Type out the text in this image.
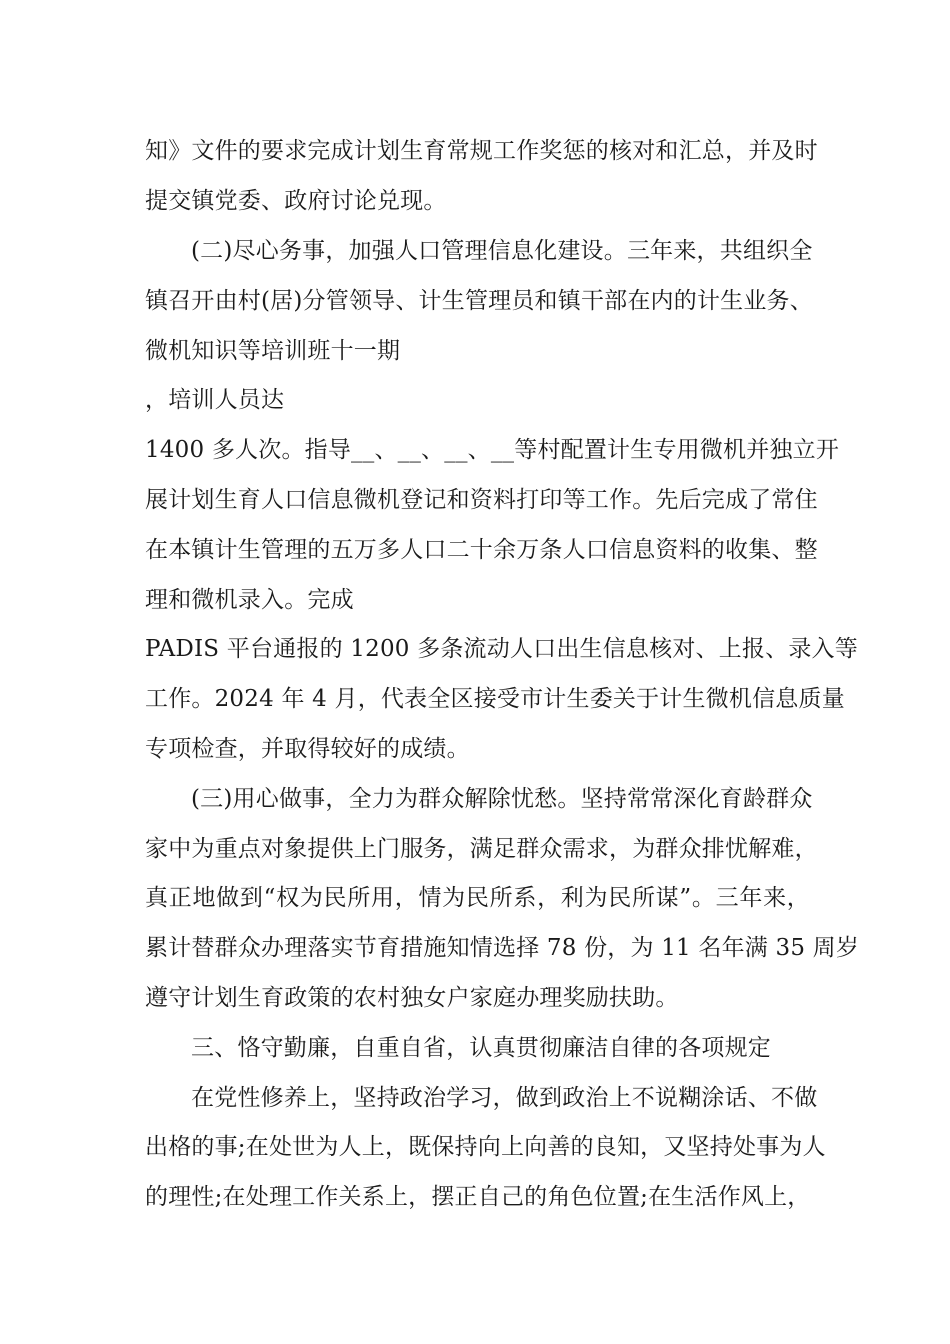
知》文件的要求完成计划生育常规工作奖惩的核对和汇总，并及时
提交镇党委、政府讨论兑现。
(二)尽心务事，加强人口管理信息化建设。三年来，共组织全
镇召开由村(居)分管领导、计生管理员和镇干部在内的计生业务、
微机知识等培训班十一期
，培训人员达
1400 多人次。指导__、__、__、__等村配置计生专用微机并独立开
展计划生育人口信息微机登记和资料打印等工作。先后完成了常住
在本镇计生管理的五万多人口二十余万条人口信息资料的收集、整
理和微机录入。完成
PADIS 平台通报的 1200 多条流动人口出生信息核对、上报、录入等
工作。2024 年 4 月，代表全区接受市计生委关于计生微机信息质量
专项检查，并取得较好的成绩。
(三)用心做事，全力为群众解除忧愁。坚持常常深化育龄群众
家中为重点对象提供上门服务，满足群众需求，为群众排忧解难，
真正地做到“权为民所用，情为民所系，利为民所谋”。三年来，
累计替群众办理落实节育措施知情选择 78 份，为 11 名年满 35 周岁
遵守计划生育政策的农村独女户家庭办理奖励扶助。
三、恪守勤廉，自重自省，认真贯彻廉洁自律的各项规定
在党性修养上，坚持政治学习，做到政治上不说糊涂话、不做
出格的事;在处世为人上，既保持向上向善的良知，又坚持处事为人
的理性;在处理工作关系上，摆正自己的角色位置;在生活作风上，
